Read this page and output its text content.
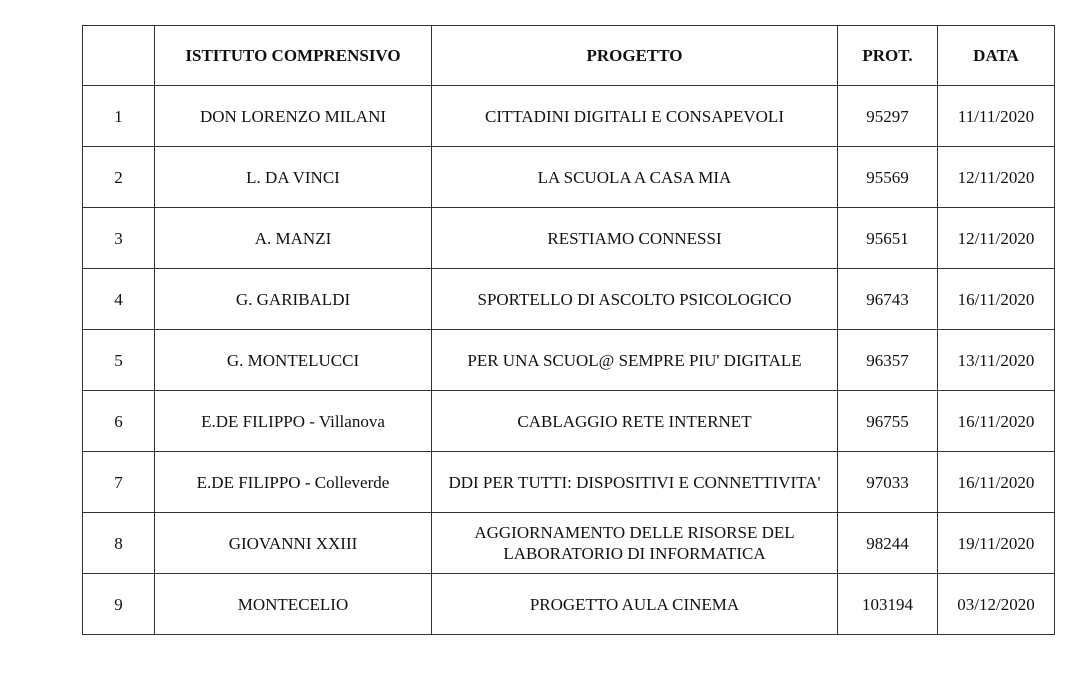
	ISTITUTO COMPRENSIVO	PROGETTO	PROT.	DATA
1	DON LORENZO MILANI	CITTADINI DIGITALI E CONSAPEVOLI	95297	11/11/2020
2	L. DA VINCI	LA SCUOLA A CASA MIA	95569	12/11/2020
3	A. MANZI	RESTIAMO CONNESSI	95651	12/11/2020
4	G. GARIBALDI	SPORTELLO DI ASCOLTO PSICOLOGICO	96743	16/11/2020
5	G. MONTELUCCI	PER UNA SCUOL@ SEMPRE PIU' DIGITALE	96357	13/11/2020
6	E.DE FILIPPO - Villanova	CABLAGGIO RETE INTERNET	96755	16/11/2020
7	E.DE FILIPPO - Colleverde	DDI PER TUTTI: DISPOSITIVI E CONNETTIVITA'	97033	16/11/2020
8	GIOVANNI XXIII	AGGIORNAMENTO DELLE RISORSE DEL LABORATORIO DI INFORMATICA	98244	19/11/2020
9	MONTECELIO	PROGETTO AULA CINEMA	103194	03/12/2020
